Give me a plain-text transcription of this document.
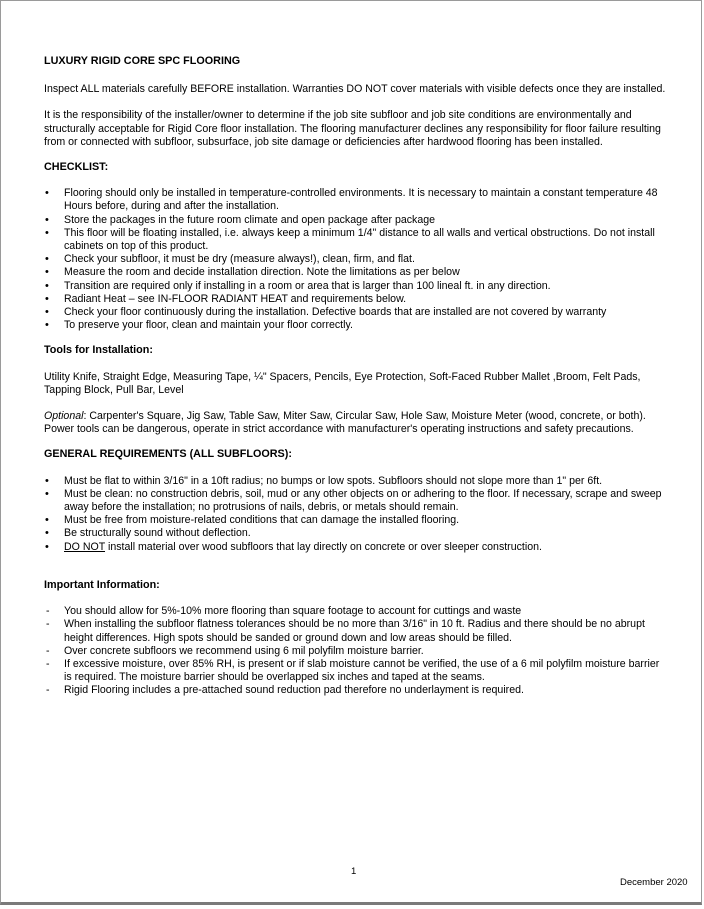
LUXURY RIGID CORE SPC FLOORING

Inspect ALL materials carefully BEFORE installation. Warranties DO NOT cover materials with visible defects once they are installed.

It is the responsibility of the installer/owner to determine if the job site subfloor and job site conditions are environmentally and structurally acceptable for Rigid Core floor installation. The flooring manufacturer declines any responsibility for floor failure resulting from or connected with subfloor, subsurface, job site damage or deficiencies after hardwood flooring has been installed.

CHECKLIST:

• Flooring should only be installed in temperature-controlled environments. It is necessary to maintain a constant temperature 48 Hours before, during and after the installation.
• Store the packages in the future room climate and open package after package
• This floor will be floating installed, i.e. always keep a minimum 1/4" distance to all walls and vertical obstructions. Do not install cabinets on top of this product.
• Check your subfloor, it must be dry (measure always!), clean, firm, and flat.
• Measure the room and decide installation direction. Note the limitations as per below
• Transition are required only if installing in a room or area that is larger than 100 lineal ft. in any direction.
• Radiant Heat – see IN-FLOOR RADIANT HEAT and requirements below.
• Check your floor continuously during the installation. Defective boards that are installed are not covered by warranty
• To preserve your floor, clean and maintain your floor correctly.

Tools for Installation:

Utility Knife, Straight Edge, Measuring Tape, ¼" Spacers, Pencils, Eye Protection, Soft-Faced Rubber Mallet ,Broom, Felt Pads, Tapping Block, Pull Bar, Level

Optional: Carpenter's Square, Jig Saw, Table Saw, Miter Saw, Circular Saw, Hole Saw, Moisture Meter (wood, concrete, or both). Power tools can be dangerous, operate in strict accordance with manufacturer's operating instructions and safety precautions.

GENERAL REQUIREMENTS (ALL SUBFLOORS):

• Must be flat to within 3/16" in a 10ft radius; no bumps or low spots. Subfloors should not slope more than 1" per 6ft.
• Must be clean: no construction debris, soil, mud or any other objects on or adhering to the floor. If necessary, scrape and sweep away before the installation; no protrusions of nails, debris, or metals should remain.
• Must be free from moisture-related conditions that can damage the installed flooring.
• Be structurally sound without deflection.
• DO NOT install material over wood subfloors that lay directly on concrete or over sleeper construction.

Important Information:

- You should allow for 5%-10% more flooring than square footage to account for cuttings and waste
- When installing the subfloor flatness tolerances should be no more than 3/16" in 10 ft. Radius and there should be no abrupt height differences. High spots should be sanded or ground down and low areas should be filled.
- Over concrete subfloors we recommend using 6 mil polyfilm moisture barrier.
- If excessive moisture, over 85% RH, is present or if slab moisture cannot be verified, the use of a 6 mil polyfilm moisture barrier is required. The moisture barrier should be overlapped six inches and taped at the seams.
- Rigid Flooring includes a pre-attached sound reduction pad therefore no underlayment is required.
1
December 2020
